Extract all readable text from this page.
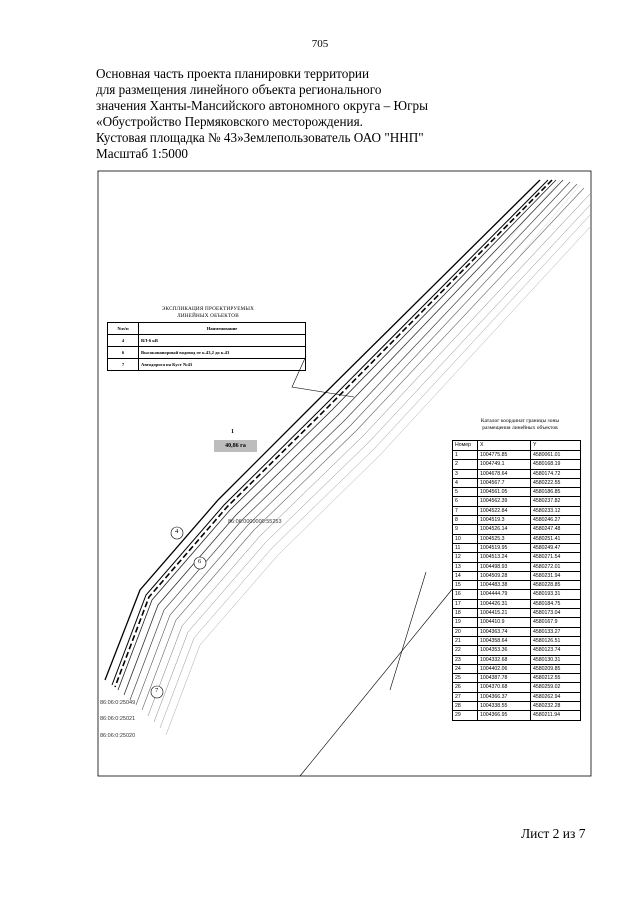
705
Основная часть проекта планировки территории
для размещения линейного объекта регионального
значения Ханты-Мансийского автономного округа – Югры
«Обустройство Пермяковского месторождения.
Кустовая площадка № 43»Землепользователь ОАО "ННП"
Масштаб 1:5000
ЭКСПЛИКАЦИЯ ПРОЕКТИРУЕМЫХ
ЛИНЕЙНЫХ ОБЪЕКТОВ
№п/п	Наименование
4	ВЛ-6 кВ
6	Высоконапорный водовод от к.43,2 до к.43
7	Автодорога на Куст №43
1
40,86 га
4
6
7
86:06:0000000:55253
86:06:0:25049
86:06:0:25021
86:06:0:25020
Каталог координат границы зоны
размещения линейных объектов
Номер	X	Y
1	1004775.85	4580061.01
2	1004749.1	4580168.19
3	1004678.64	4580174.72
4	1004567.7	4580222.55
5	1004561.05	4580186.85
6	1004562.39	4580237.82
7	1004522.84	4580233.12
8	1004519.3	4580246.27
9	1004526.14	4580247.48
10	1004525.3	4580251.41
11	1004519.95	4580249.47
12	1004513.24	4580271.54
13	1004498.93	4580272.01
14	1004509.28	4580231.94
15	1004483.38	4580228.85
16	1004444.79	4580193.31
17	1004426.31	4580184.75
18	1004415.21	4580173.04
19	1004410.9	4580167.9
20	1004363.74	4580133.27
21	1004358.64	4580126.51
22	1004353.36	4580123.74
23	1004332.68	4580130.31
24	1004402.06	4580209.85
25	1004387.78	4580212.55
26	1004370.68	4580259.02
27	1004366.37	4580262.94
28	1004338.55	4580232.28
29	1004366.95	4580211.94
Лист 2 из 7
